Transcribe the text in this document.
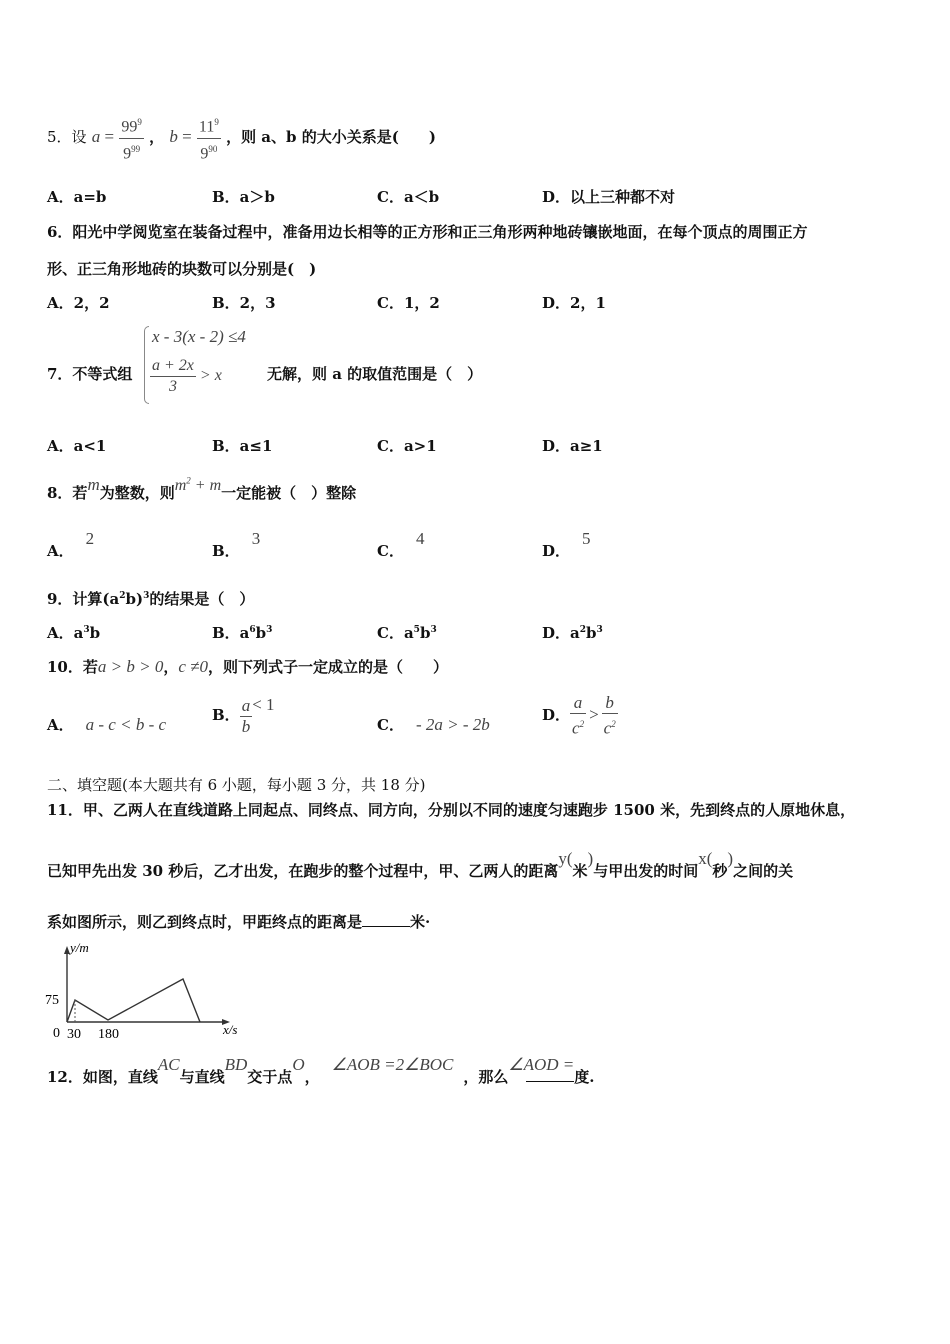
5．设 $a = \frac{99^9}{9^{99}}$ ， $b = \frac{11^9}{9^{90}}$ ，则 a、b 的大小关系是(　　)
A．a=b	B．a＞b	C．a＜b	D．以上三种都不对
6．阳光中学阅览室在装备过程中，准备用边长相等的正方形和正三角形两种地砖镶嵌地面，在每个顶点的周围正方
形、正三角形地砖的块数可以分别是(　)
A．2，2	B．2，3	C．1，2	D．2，1
7．不等式组
x - 3(x - 2) ≤4
$\frac{a + 2x}{3} > x$	无解，则 a 的取值范围是（　）
A．a<1	B．a≤1	C．a>1	D．a≥1
8．若m为整数，则$m^2 + m$一定能被（　）整除
A．2
B．3
C．4
D．5
9．计算$(a^2b)^3$的结果是（　）
A．$a^3b$	B．$a^6b^3$	C．$a^5b^3$	D．$a^2b^3$
10．若a > b > 0，c ≠0，则下列式子一定成立的是（　　）
A． a - c < b - c	B． $\frac{a}{b} < 1$
C． - 2a > - 2b	D． $\frac{a}{c^2} > \frac{b}{c^2}$
二、填空题(本大题共有 6 小题，每小题 3 分，共 18 分)
11．甲、乙两人在直线道路上同起点、同终点、同方向，分别以不同的速度匀速跑步 1500 米，先到终点的人原地休息，
已知甲先出发 30 秒后，乙才出发，在跑步的整个过程中，甲、乙两人的距离y(米)与甲出发的时间x(秒)之间的关
系如图所示，则乙到终点时，甲距终点的距离是	米·
y/m
x/s
75
0 30 180
12．如图，直线AC与直线BD交于点O，∠AOB =2∠BOC，那么∠AOD =度.
